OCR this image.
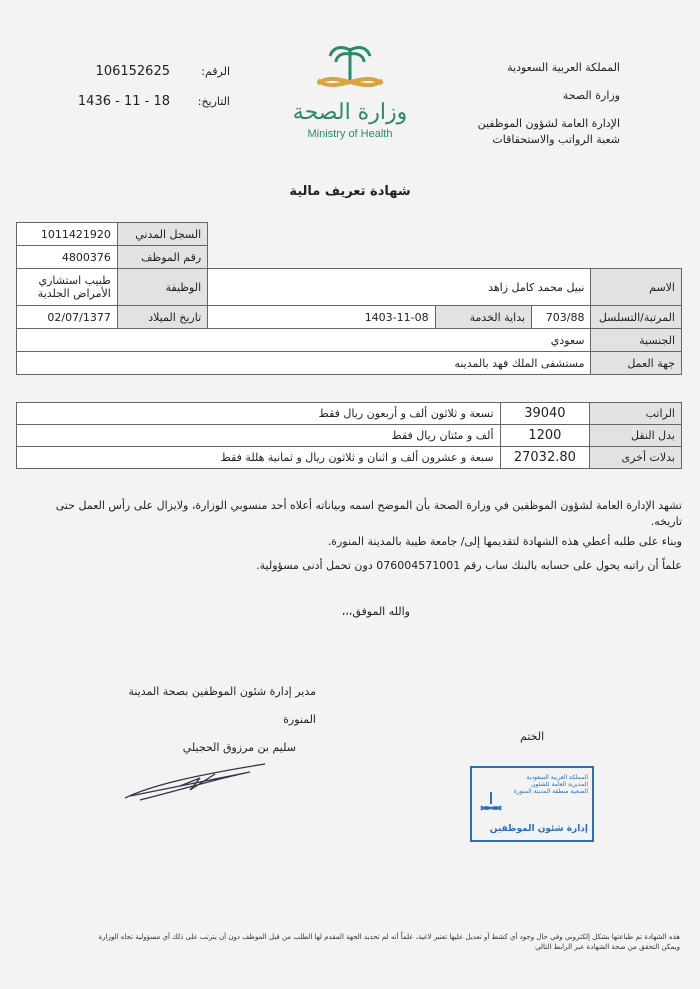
المملكة العربية السعودية
وزارة الصحة
الإدارة العامة لشؤون الموظفين
شعبة الرواتب والاستحقاقات
وزارة الصحة
Ministry of Health
الرقم:
106152625
التاريخ:
1436 - 11 - 18
شهادة تعريف مالية
				السجل المدني	1011421920
				رقم الموظف	4800376
الاسم	نبيل محمد كامل زاهد			الوظيفة	طبيب استشاري الأمراض الجلدية
المرتبة/التسلسل	703/88	بداية الخدمة	1403-11-08	تاريخ الميلاد	02/07/1377
الجنسية	سعودي				
جهة العمل	مستشفى الملك فهد بالمدينه				
الراتب	39040	تسعة و ثلاثون ألف و أربعون ريال فقط
بدل النقل	1200	ألف و مئتان ريال فقط
بدلات أخرى	27032.80	سبعة و عشرون ألف و اثنان و ثلاثون ريال و ثمانية هللة فقط
تشهد الإدارة العامة لشؤون الموظفين في وزارة الصحة بأن الموضح اسمه وبياناته أعلاه أحد منسوبي الوزارة، ولايزال على رأس العمل حتى تاريخه.
وبناء على طلبه أعطي هذه الشهادة لتقديمها إلى/ جامعة طيبة بالمدينة المنورة.
علماً أن راتبه يحول على حسابه بالبنك ساب رقم 076004571001 دون تحمل أدنى مسؤولية.
والله الموفق،،،
مدير إدارة شئون الموظفين بصحة المدينة المنورة
سليم بن مرزوق الحجيلي
الختم
المملكة العربية السعودية المديرية العامة للشئون الصحية منطقة المدينة المنورة
إدارة شئون الموظفين
هذه الشهادة تم طباعتها بشكل إلكتروني وفي حال وجود أي كشط أو تعديل عليها تعتبر لاغية، علماً أنه لم تحديد الجهة المقدم لها الطلب من قبل الموظف دون أن يترتب على ذلك أي مسؤولية تجاه الوزارة
ويمكن التحقق من صحة الشهادة عبر الرابط التالي
